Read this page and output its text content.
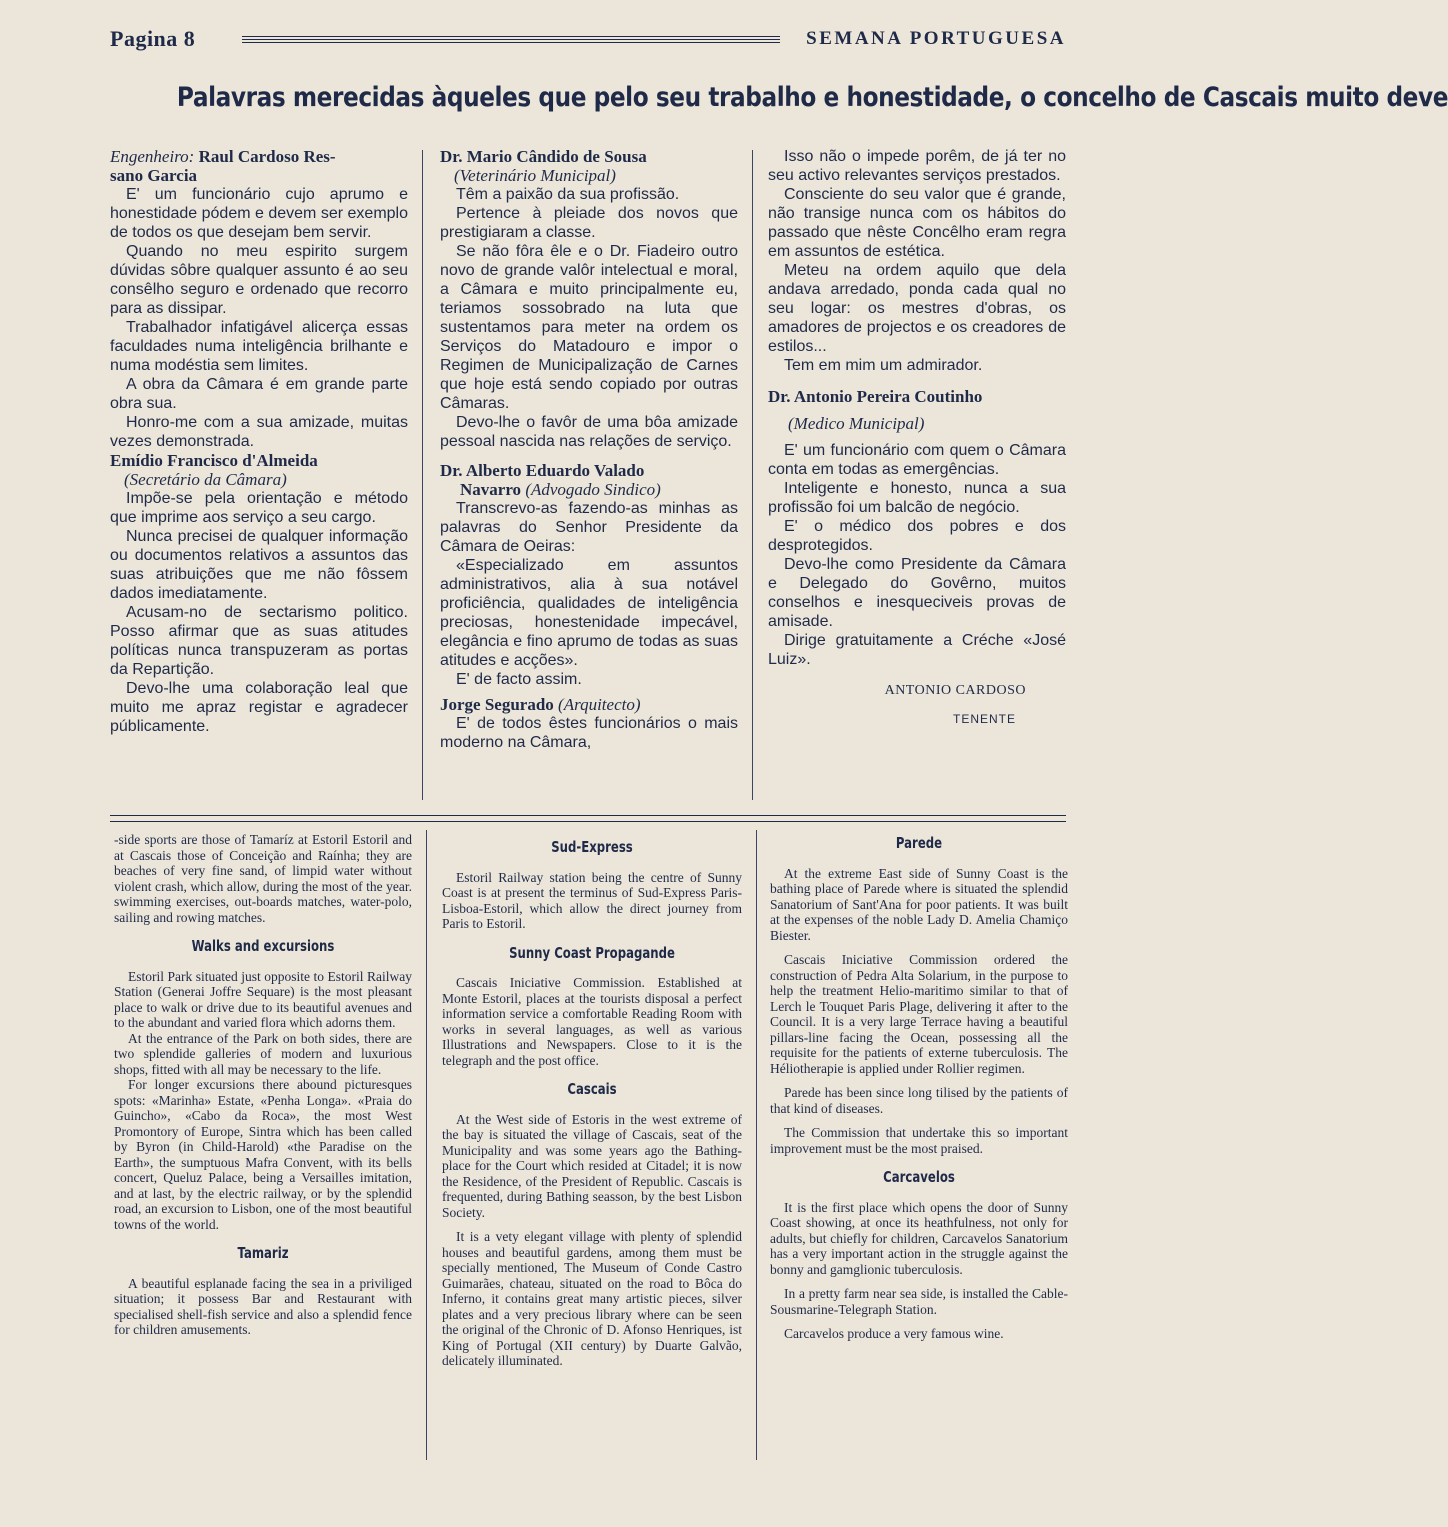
Pagina 8	SEMANA PORTUGUESA
Palavras merecidas àqueles que pelo seu trabalho e honestidade, o concelho de Cascais muito deve

Engenheiro: Raul Cardoso Res-

sano Garcia

E' um funcionário cujo aprumo e honestidade pódem e devem ser exemplo de todos os que desejam bem servir.

Quando no meu espirito surgem dúvidas sôbre qualquer assunto é ao seu consêlho seguro e ordenado que recorro para as dissipar.

Trabalhador infatigável alicerça essas faculdades numa inteligência brilhante e numa modéstia sem limites.

A obra da Câmara é em grande parte obra sua.

Honro-me com a sua amizade, muitas vezes demonstrada.

Emídio Francisco d'Almeida

(Secretário da Câmara)

Impõe-se pela orientação e método que imprime aos serviço a seu cargo.

Nunca precisei de qualquer informação ou documentos relativos a assuntos das suas atribuições que me não fôssem dados imediatamente.

Acusam-no de sectarismo politico. Posso afirmar que as suas atitudes políticas nunca transpuzeram as portas da Repartição.

Devo-lhe uma colaboração leal que muito me apraz registar e agradecer públicamente.

Dr. Mario Cândido de Sousa

(Veterinário Municipal)

Têm a paixão da sua profissão.

Pertence à pleiade dos novos que prestigiaram a classe.

Se não fôra êle e o Dr. Fiadeiro outro novo de grande valôr intelectual e moral, a Câmara e muito principalmente eu, teriamos sossobrado na luta que sustentamos para meter na ordem os Serviços do Matadouro e impor o Regimen de Municipalização de Carnes que hoje está sendo copiado por outras Câmaras.

Devo-lhe o favôr de uma bôa amizade pessoal nascida nas relações de serviço.

Dr. Alberto Eduardo Valado

Navarro (Advogado Sindico)

Transcrevo-as fazendo-as minhas as palavras do Senhor Presidente da Câmara de Oeiras:

«Especializado em assuntos administrativos, alia à sua notável proficiência, qualidades de inteligência preciosas, honestenidade impecável, elegância e fino aprumo de todas as suas atitudes e acções».

E' de facto assim.

Jorge Segurado (Arquitecto)

E' de todos êstes funcionários o mais moderno na Câmara,

Isso não o impede porêm, de já ter no seu activo relevantes serviços prestados.

Consciente do seu valor que é grande, não transige nunca com os hábitos do passado que nêste Concêlho eram regra em assuntos de estética.

Meteu na ordem aquilo que dela andava arredado, ponda cada qual no seu logar: os mestres d'obras, os amadores de projectos e os creadores de estilos...

Tem em mim um admirador.

Dr. Antonio Pereira Coutinho

(Medico Municipal)

E' um funcionário com quem o Câmara conta em todas as emergências.

Inteligente e honesto, nunca a sua profissão foi um balcão de negócio.

E' o médico dos pobres e dos desprotegidos.

Devo-lhe como Presidente da Câmara e Delegado do Govêrno, muitos conselhos e inesqueciveis provas de amisade.

Dirige gratuitamente a Créche «José Luiz».

ANTONIO CARDOSO
TENENTE

-side sports are those of Tamaríz at Estoril Estoril and at Cascais those of Conceição and Raínha; they are beaches of very fine sand, of limpid water without violent crash, which allow, during the most of the year. swimming exercises, out-boards matches, water-polo, sailing and rowing matches.

Walks and excursions

Estoril Park situated just opposite to Estoril Railway Station (Generai Joffre Sequare) is the most pleasant place to walk or drive due to its beautiful avenues and to the abundant and varied flora which adorns them.

At the entrance of the Park on both sides, there are two splendide galleries of modern and luxurious shops, fitted with all may be necessary to the life.

For longer excursions there abound picturesques spots: «Marinha» Estate, «Penha Longa». «Praia do Guincho», «Cabo da Roca», the most West Promontory of Europe, Sintra which has been called by Byron (in Child-Harold) «the Paradise on the Earth», the sumptuous Mafra Convent, with its bells concert, Queluz Palace, being a Versailles imitation, and at last, by the electric railway, or by the splendid road, an excursion to Lisbon, one of the most beautiful towns of the world.

Tamariz

A beautiful esplanade facing the sea in a priviliged situation; it possess Bar and Restaurant with specialised shell-fish service and also a splendid fence for children amusements.

Sud-Express

Estoril Railway station being the centre of Sunny Coast is at present the terminus of Sud-Express Paris-Lisboa-Estoril, which allow the direct journey from Paris to Estoril.

Sunny Coast Propagande

Cascais Iniciative Commission. Established at Monte Estoril, places at the tourists disposal a perfect information service a comfortable Reading Room with works in several languages, as well as various Illustrations and Newspapers. Close to it is the telegraph and the post office.

Cascais

At the West side of Estoris in the west extreme of the bay is situated the village of Cascais, seat of the Municipality and was some years ago the Bathing-place for the Court which resided at Citadel; it is now the Residence, of the President of Republic. Cascais is frequented, during Bathing seasson, by the best Lisbon Society.

It is a vety elegant village with plenty of splendid houses and beautiful gardens, among them must be specially mentioned, The Museum of Conde Castro Guimarães, chateau, situated on the road to Bôca do Inferno, it contains great many artistic pieces, silver plates and a very precious library where can be seen the original of the Chronic of D. Afonso Henriques, ist King of Portugal (XII century) by Duarte Galvão, delicately illuminated.

Parede

At the extreme East side of Sunny Coast is the bathing place of Parede where is situated the splendid Sanatorium of Sant'Ana for poor patients. It was built at the expenses of the noble Lady D. Amelia Chamiço Biester.

Cascais Iniciative Commission ordered the construction of Pedra Alta Solarium, in the purpose to help the treatment Helio-maritimo similar to that of Lerch le Touquet Paris Plage, delivering it after to the Council. It is a very large Terrace having a beautiful pillars-line facing the Ocean, possessing all the requisite for the patients of externe tuberculosis. The Héliotherapie is applied under Rollier regimen.

Parede has been since long tilised by the patients of that kind of diseases.

The Commission that undertake this so important improvement must be the most praised.

Carcavelos

It is the first place which opens the door of Sunny Coast showing, at once its heathfulness, not only for adults, but chiefly for children, Carcavelos Sanatorium has a very important action in the struggle against the bonny and gamglionic tuberculosis.

In a pretty farm near sea side, is installed the Cable-Sousmarine-Telegraph Station.

Carcavelos produce a very famous wine.
